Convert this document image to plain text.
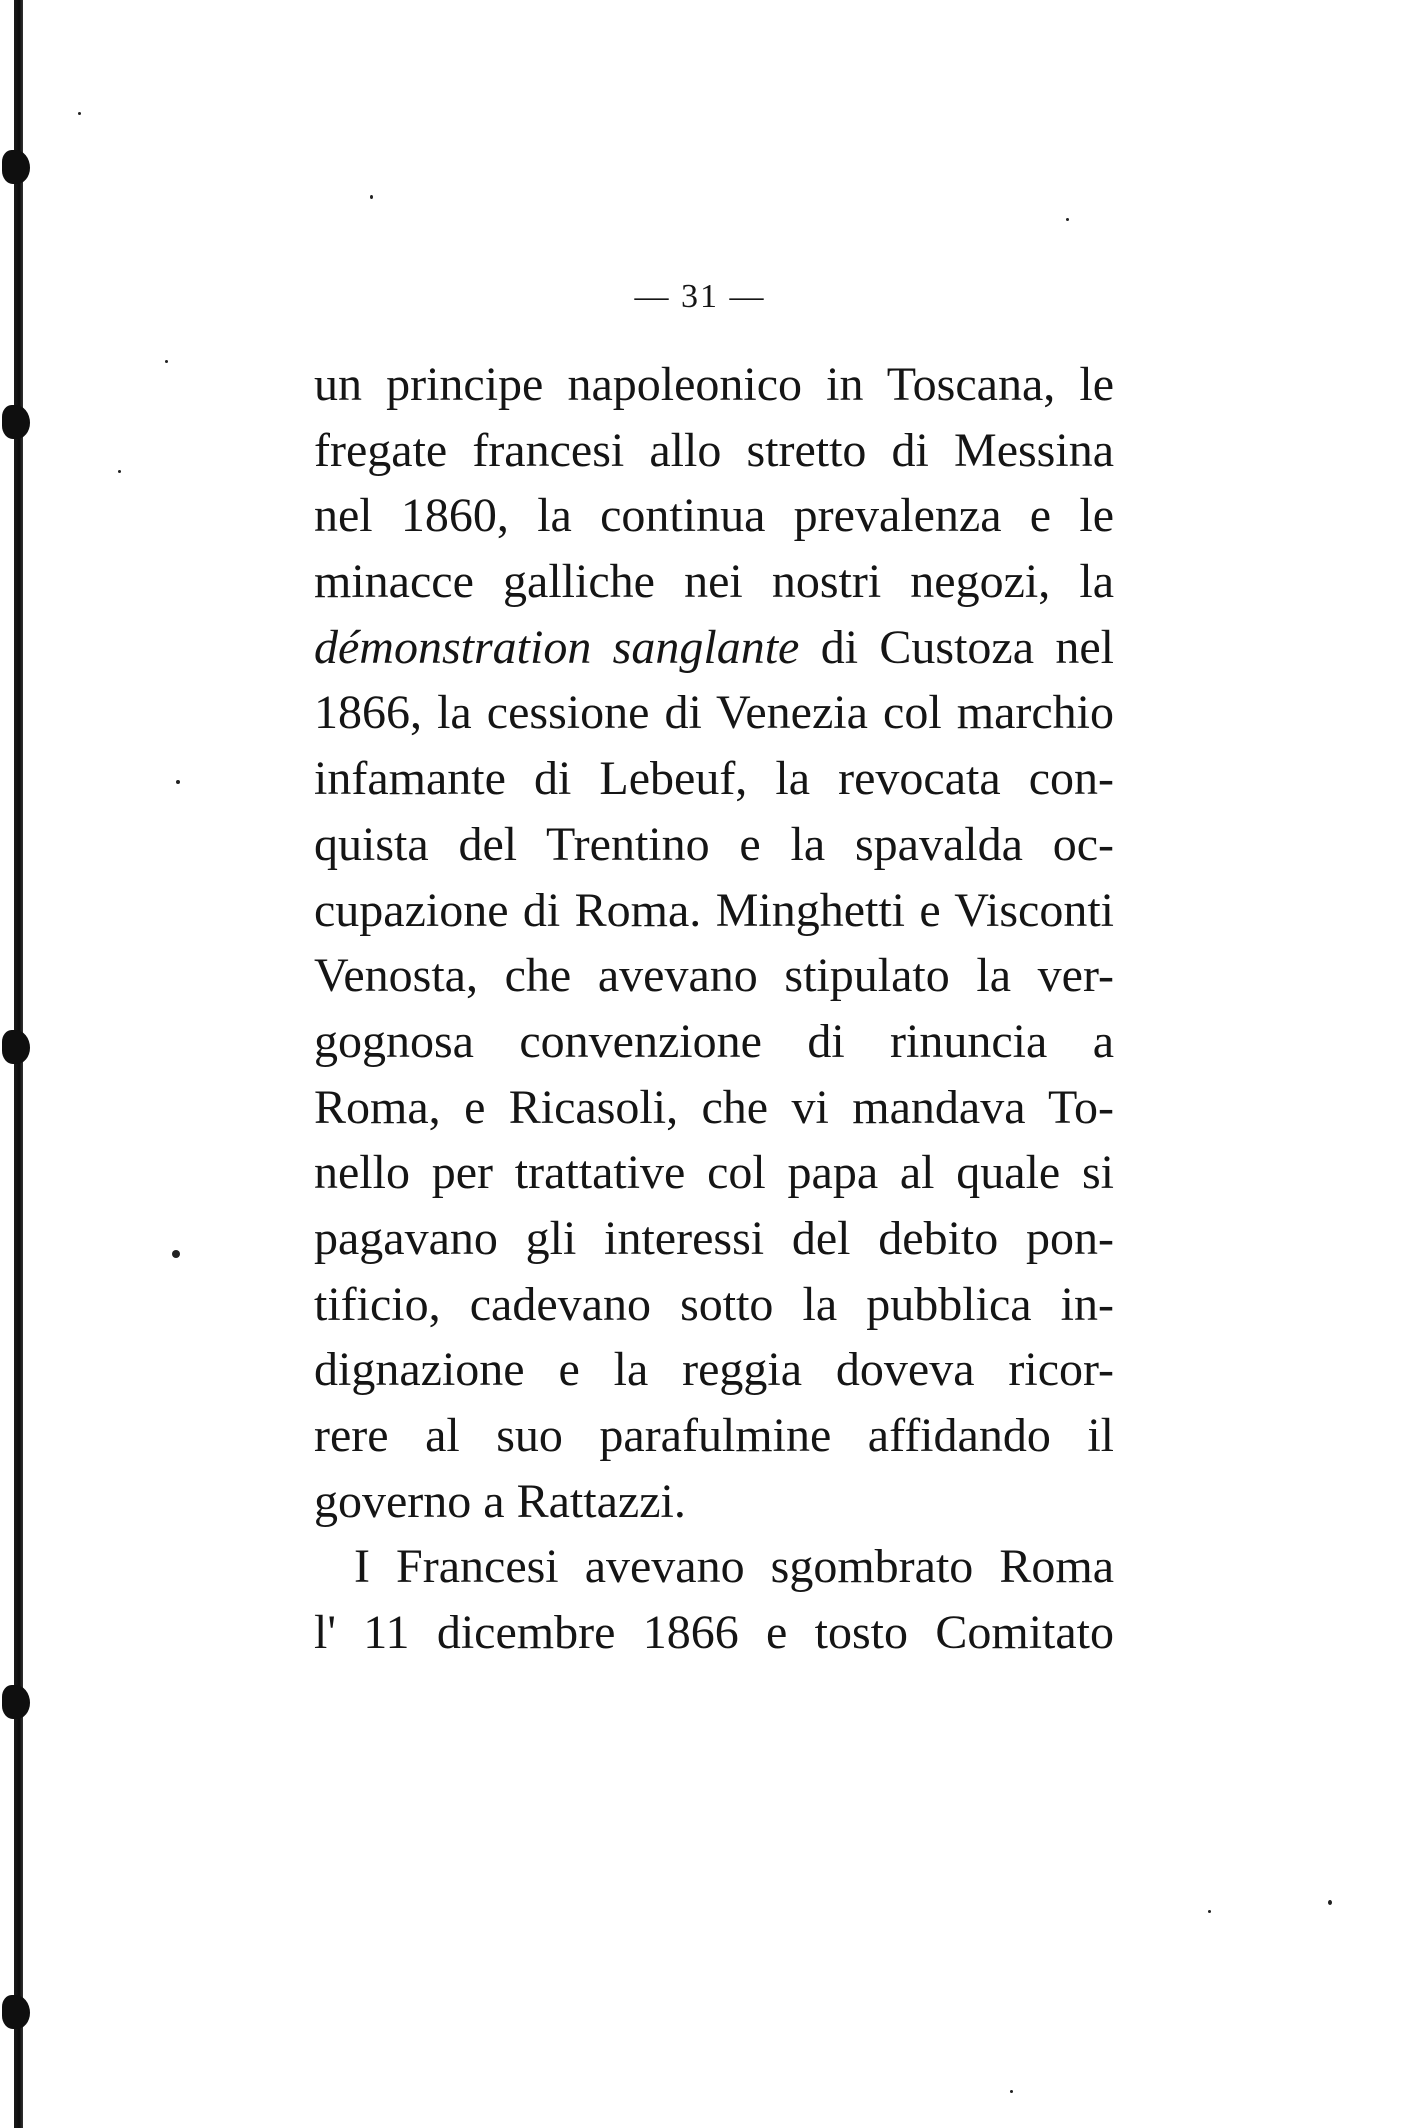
— 31 —
un principe napoleonico in Toscana, le
fregate francesi allo stretto di Messina
nel 1860, la continua prevalenza e le
minacce galliche nei nostri negozi, la
démonstration sanglante di Custoza nel
1866, la cessione di Venezia col marchio
infamante di Lebeuf, la revocata con-
quista del Trentino e la spavalda oc-
cupazione di Roma. Minghetti e Visconti
Venosta, che avevano stipulato la ver-
gognosa convenzione di rinuncia a
Roma, e Ricasoli, che vi mandava To-
nello per trattative col papa al quale si
pagavano gli interessi del debito pon-
tificio, cadevano sotto la pubblica in-
dignazione e la reggia doveva ricor-
rere al suo parafulmine affidando il
governo a Rattazzi.
I Francesi avevano sgombrato Roma
l' 11 dicembre 1866 e tosto Comitato
